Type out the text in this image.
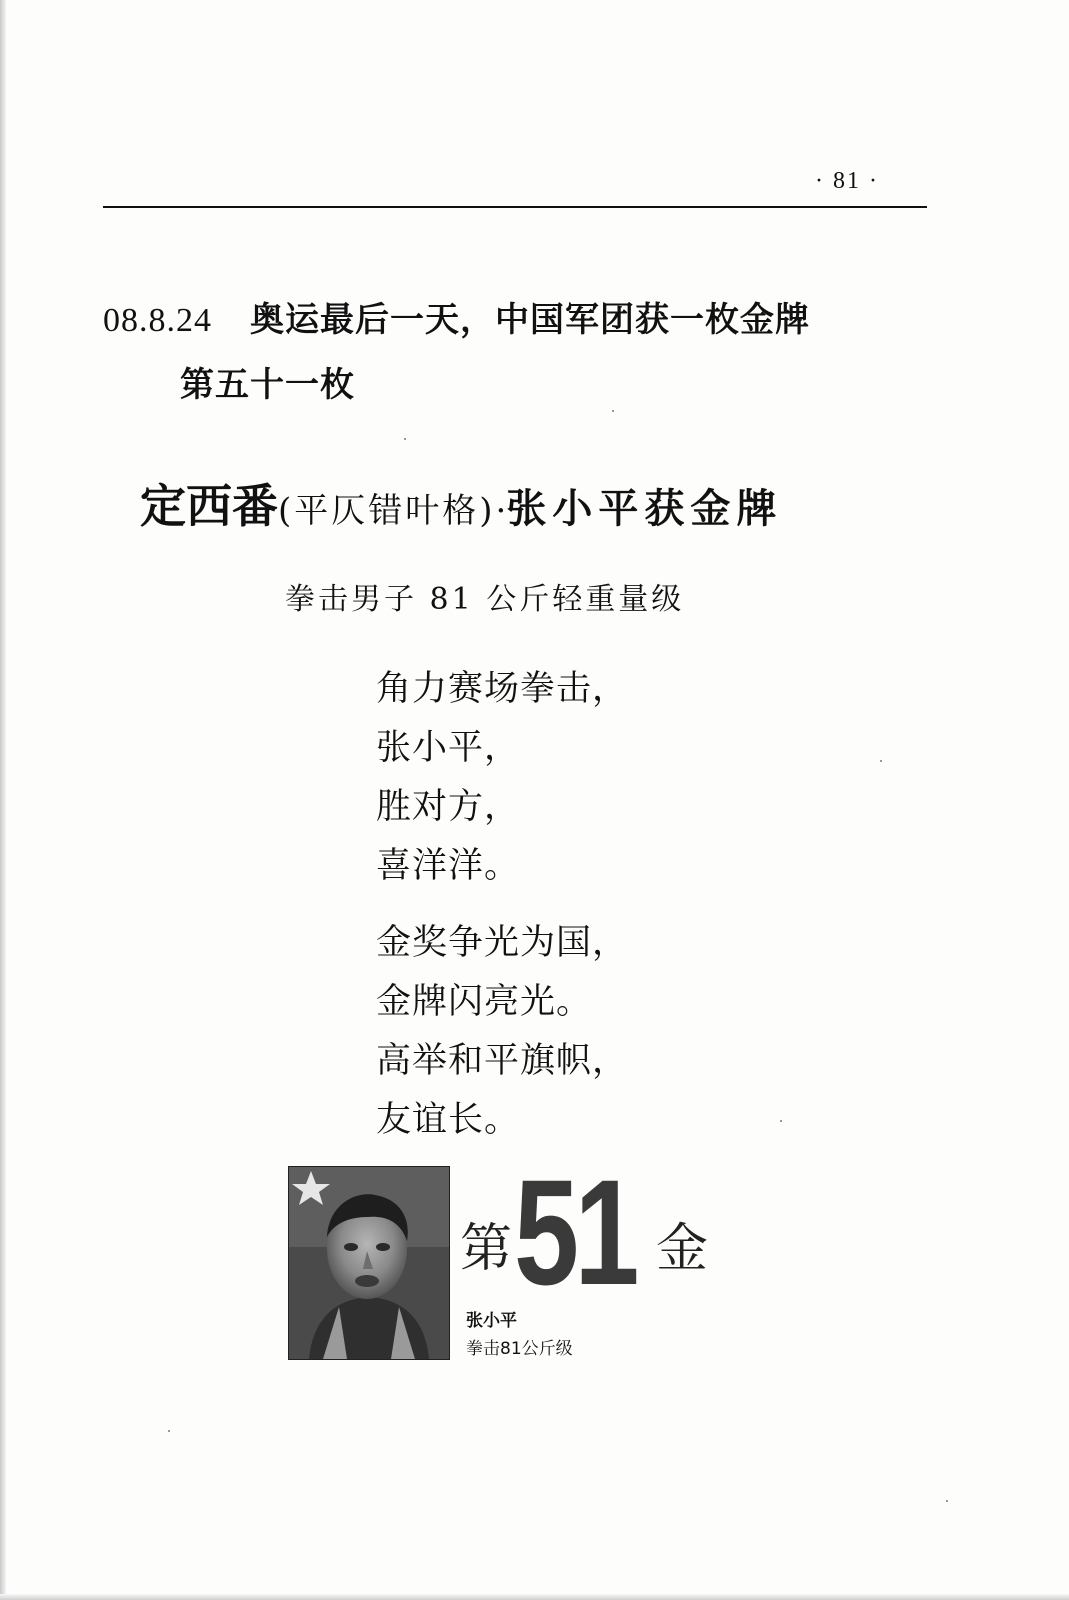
· 81 ·
08.8.24 奥运最后一天，中国军团获一枚金牌
第五十一枚
定西番(平仄错叶格)·张小平获金牌
拳击男子 81 公斤轻重量级
角力赛场拳击，
张小平，
胜对方，
喜洋洋。
金奖争光为国，
金牌闪亮光。
高举和平旗帜，
友谊长。
第 51 金
张小平
拳击81公斤级
